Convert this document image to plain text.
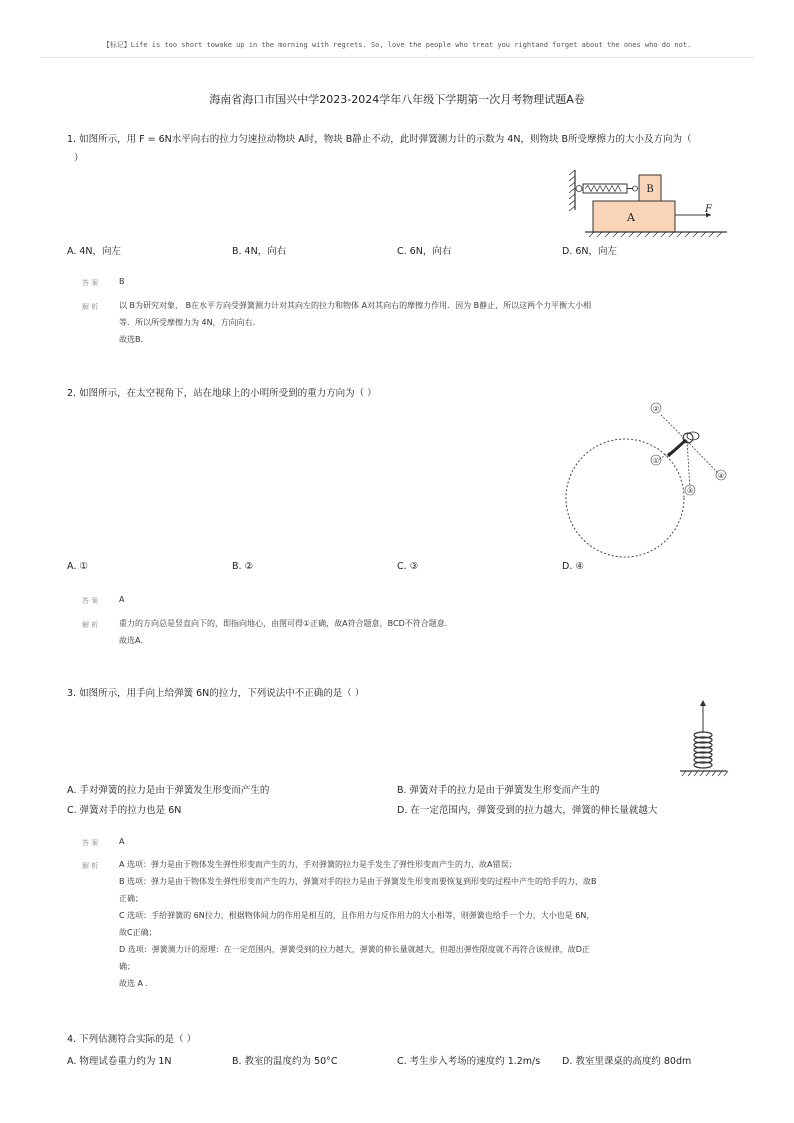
【标记】Life is too short towake up in the morning with regrets. So, love the people who treat you rightand forget about the ones who do not.
海南省海口市国兴中学2023-2024学年八年级下学期第一次月考物理试题A卷
1. 如图所示，用 F = 6N水平向右的拉力匀速拉动物块 A时，物块 B静止不动，此时弹簧测力计的示数为 4N，则物块 B所受摩擦力的大小及方向为（
）
B
A
F
A. 4N，向左	B. 4N，向右	C. 6N，向右	D. 6N，向左
答 案	B
解 析	以 B为研究对象， B在水平方向受弹簧测力计对其向左的拉力和物体 A对其向右的摩擦力作用．因为 B静止，所以这两个力平衡大小相
等．所以所受摩擦力为 4N，方向向右．
故选B．
2. 如图所示，在太空视角下，站在地球上的小明所受到的重力方向为（ ）
①
②
③
④
A. ①	B. ②	C. ③	D. ④
答 案	A
解 析	重力的方向总是竖直向下的，即指向地心，由图可得①正确，故A符合题意，BCD不符合题意．
故选A．
3. 如图所示，用手向上给弹簧 6N的拉力，下列说法中不正确的是（ ）
A. 手对弹簧的拉力是由于弹簧发生形变而产生的	B. 弹簧对手的拉力是由于弹簧发生形变而产生的
C. 弹簧对手的拉力也是 6N	D. 在一定范围内，弹簧受到的拉力越大，弹簧的伸长量就越大
答 案	A
解 析	A 选项：弹力是由于物体发生弹性形变而产生的力，手对弹簧的拉力是手发生了弹性形变而产生的力，故A错误；
B 选项：弹力是由于物体发生弹性形变而产生的力，弹簧对手的拉力是由于弹簧发生形变而要恢复到形变的过程中产生的给手的力，故B
正确；
C 选项：手给弹簧的 6N拉力，根据物体间力的作用是相互的，且作用力与反作用力的大小相等，则弹簧也给手一个力，大小也是 6N，
故C正确；
D 选项：弹簧测力计的原理：在一定范围内，弹簧受到的拉力越大，弹簧的伸长量就越大，但超出弹性限度就不再符合该规律，故D正
确；
故选 A .
4. 下列估测符合实际的是（ ）
A. 物理试卷重力约为 1N	B. 教室的温度约为 50°C	C. 考生步入考场的速度约 1.2m/s D. 教室里课桌的高度约 80dm
